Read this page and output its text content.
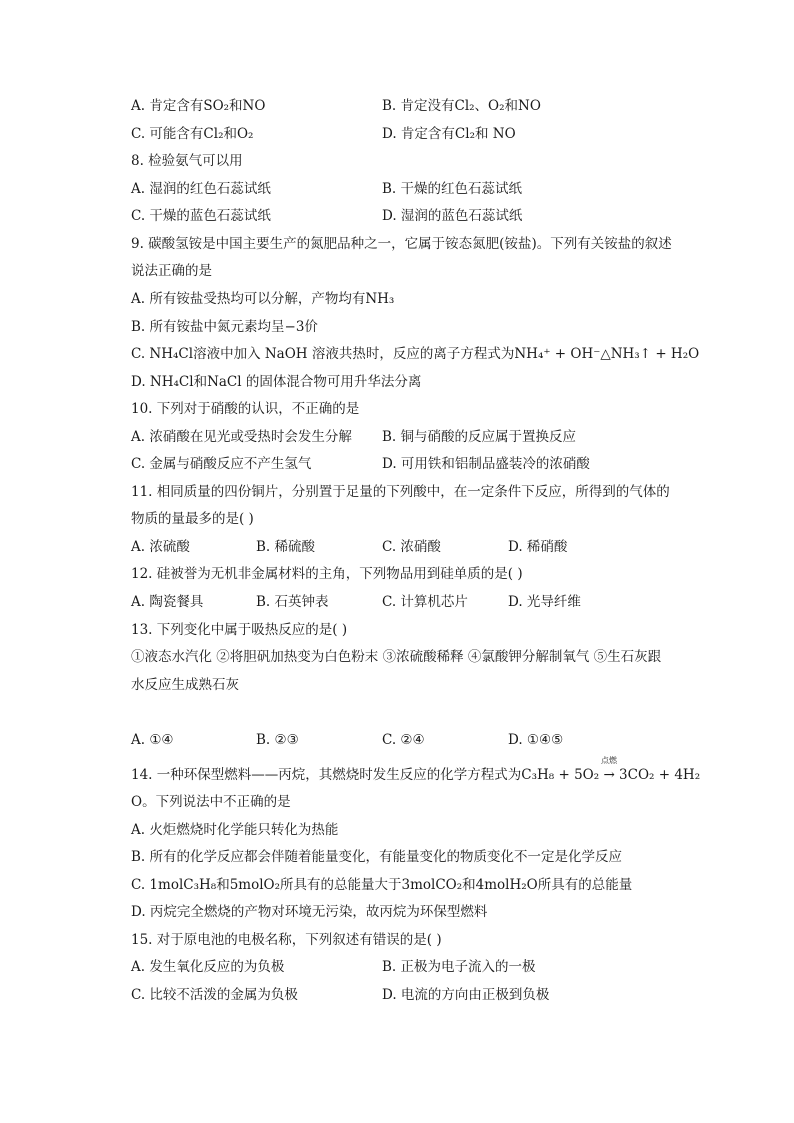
A. 肯定含有SO₂和NO	B. 肯定没有Cl₂、O₂和NO
C. 可能含有Cl₂和O₂	D. 肯定含有Cl₂和 NO
8. 检验氨气可以用
A. 湿润的红色石蕊试纸	B. 干燥的红色石蕊试纸
C. 干燥的蓝色石蕊试纸	D. 湿润的蓝色石蕊试纸
9. 碳酸氢铵是中国主要生产的氮肥品种之一，它属于铵态氮肥(铵盐)。下列有关铵盐的叙述
说法正确的是
A. 所有铵盐受热均可以分解，产物均有NH₃
B. 所有铵盐中氮元素均呈−3价
C. NH₄Cl溶液中加入 NaOH 溶液共热时，反应的离子方程式为NH₄⁺ + OH⁻△NH₃↑ + H₂O
D. NH₄Cl和NaCl 的固体混合物可用升华法分离
10. 下列对于硝酸的认识，不正确的是
A. 浓硝酸在见光或受热时会发生分解 B. 铜与硝酸的反应属于置换反应
C. 金属与硝酸反应不产生氢气	D. 可用铁和铝制品盛装冷的浓硝酸
11. 相同质量的四份铜片，分别置于足量的下列酸中，在一定条件下反应，所得到的气体的
物质的量最多的是( )
A. 浓硫酸	B. 稀硫酸	C. 浓硝酸	D. 稀硝酸
12. 硅被誉为无机非金属材料的主角，下列物品用到硅单质的是( )
A. 陶瓷餐具	B. 石英钟表	C. 计算机芯片	D. 光导纤维
13. 下列变化中属于吸热反应的是( )
①液态水汽化 ②将胆矾加热变为白色粉末 ③浓硫酸稀释 ④氯酸钾分解制氧气 ⑤生石灰跟
水反应生成熟石灰
A. ①④	B. ②③	C. ②④	D. ①④⑤
点燃
14. 一种环保型燃料——丙烷，其燃烧时发生反应的化学方程式为C₃H₈ + 5O₂ → 3CO₂ + 4H₂
O。下列说法中不正确的是
A. 火炬燃烧时化学能只转化为热能
B. 所有的化学反应都会伴随着能量变化，有能量变化的物质变化不一定是化学反应
C. 1molC₃H₈和5molO₂所具有的总能量大于3molCO₂和4molH₂O所具有的总能量
D. 丙烷完全燃烧的产物对环境无污染，故丙烷为环保型燃料
15. 对于原电池的电极名称，下列叙述有错误的是( )
A. 发生氧化反应的为负极	B. 正极为电子流入的一极
C. 比较不活泼的金属为负极	D. 电流的方向由正极到负极
